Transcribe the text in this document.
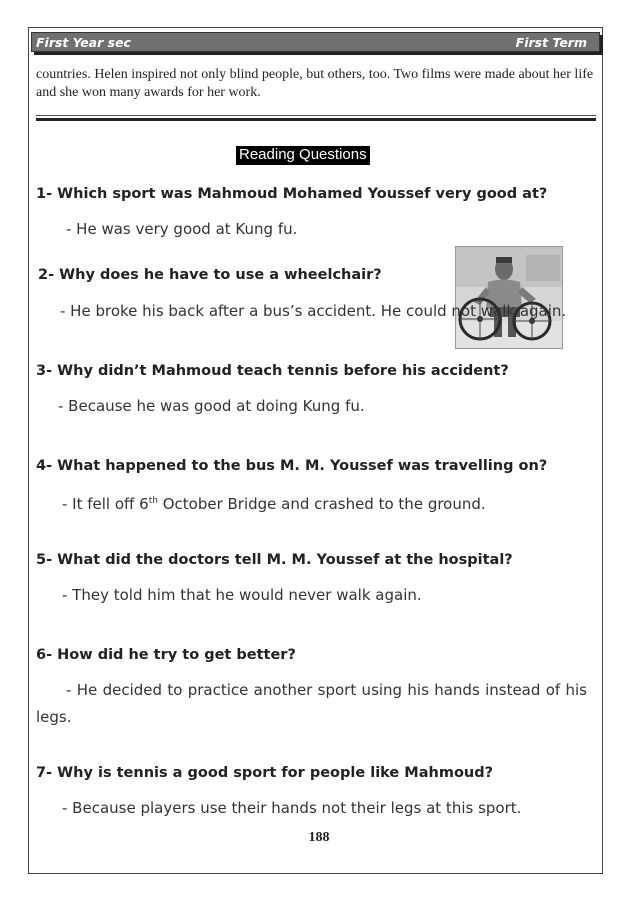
First Year sec	First Term
countries. Helen inspired not only blind people, but others, too. Two films were made about her life and she won many awards for her work.
Reading Questions
1- Which sport was Mahmoud Mohamed Youssef very good at?
- He was very good at Kung fu.
2- Why does he have to use a wheelchair?
- He broke his back after a bus’s accident. He could not walk again.
3- Why didn’t Mahmoud teach tennis before his accident?
- Because he was good at doing Kung fu.
4- What happened to the bus M. M. Youssef was travelling on?
- It fell off 6th October Bridge and crashed to the ground.
5- What did the doctors tell M. M. Youssef at the hospital?
- They told him that he would never walk again.
6- How did he try to get better?
- He decided to practice another sport using his hands instead of his legs.
7- Why is tennis a good sport for people like Mahmoud?
- Because players use their hands not their legs at this sport.
188
